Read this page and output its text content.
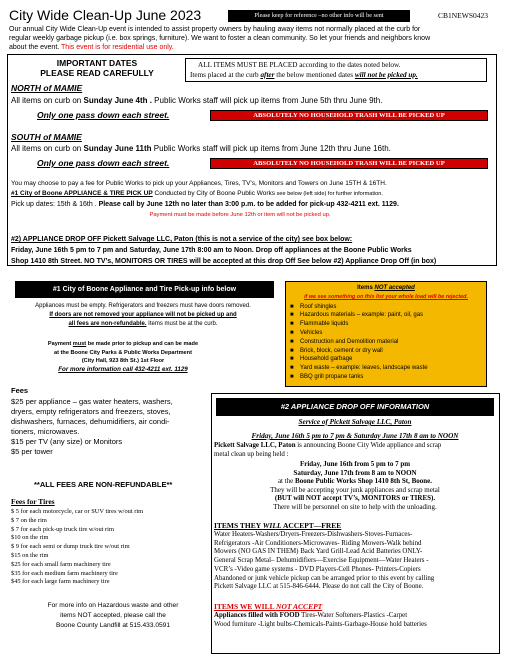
City Wide Clean-Up June 2023	Please keep for reference –no other info will be sent	CB1NEWS0423

Our annual City Wide Clean-Up event is intended to assist property owners by hauling away items not normally placed at the curb for

regular weekly garbage pickup (i.e. box springs, furniture). We want to foster a clean community. So let your friends and neighbors know

about the event. This event is for residential use only.

IMPORTANT DATES

PLEASE READ CAREFULLY

ALL ITEMS MUST BE PLACED according to the dates noted below.

Items placed at the curb after the below mentioned dates will not be picked up.

NORTH of MAMIE

All items on curb on Sunday June 4th . Public Works staff will pick up items from June 5th thru June 9th.

Only one pass down each street.	ABSOLUTELY NO HOUSEHOLD TRASH WILL BE PICKED UP
SOUTH of MAMIE

All items on curb on Sunday June 11th Public Works staff will pick up items from June 12th thru June 16th.

Only one pass down each street.	ABSOLUTELY NO HOUSEHOLD TRASH WILL BE PICKED UP

You may choose to pay a fee for Public Works to pick up your Appliances, Tires, TV’s, Monitors and Towers on June 15TH & 16TH.

#1 City of Boone APPLIANCE & TIRE PICK UP Conducted by City of Boone Public Works see below (left side) for further information.

Pick up dates: 15th & 16th . Please call by June 12th no later than 3:00 p.m. to be added for pick-up 432-4211 ext. 1129.

Payment must be made before June 12th or item will not be picked up.

#2) APPLIANCE DROP OFF Pickett Salvage LLC, Paton (this is not a service of the city) see box below:

Friday, June 16th 5 pm to 7 pm and Saturday, June 17th 8:00 am to Noon. Drop off appliances at the Boone Public Works

Shop 1410 8th Street. NO TV’s, MONITORS OR TIRES will be accepted at this drop Off See below #2) Appliance Drop Off (in box)

#1 City of Boone Appliance and Tire Pick-up info below

Appliances must be empty. Refrigerators and freezers must have doors removed.

If doors are not removed your appliance will not be picked up and

all fees are non-refundable. Items must be at the curb.

Payment must be made prior to pickup and can be made

at the Boone City Parks & Public Works Department

(City Hall, 923 8th St.) 1st Floor

For more information call 432-4211 ext. 1129

Fees

$25 per appliance – gas water heaters, washers,

dryers, empty refrigerators and freezers, stoves,

dishwashers, furnaces, dehumidifiers, air condi-

tioners, microwaves.

$15 per TV (any size) or Monitors

$5 per tower

**ALL FEES ARE NON-REFUNDABLE**
Fees for Tires

$ 5 for each motorcycle, car or SUV tires w/out rim

$ 7 on the rim

$ 7 for each pick-up truck tire w/out rim

$10 on the rim

$ 9 for each semi or dump truck tire w/out rim

$15 on the rim

$25 for each small farm machinery tire

$35 for each medium farm machinery tire

$45 for each large farm machinery tire

For more info on Hazardous waste and other

items NOT accepted, please call the

Boone County Landfill at 515.433.0591

Items NOT accepted

if we see something on this list your whole load will be rejected.

■ Roof shingles
■ Hazardous materials – example: paint, oil, gas
■ Flammable liquids
■ Vehicles
■ Construction and Demolition material
■ Brick, block, cement or dry wall
■ Household garbage
■ Yard waste – example: leaves, landscape waste
■ BBQ grill propane tanks
#2 APPLIANCE DROP OFF INFORMATION
Service of Pickett Salvage LLC, Paton
Friday, June 16th 5 pm to 7 pm & Saturday June 17th 8 am to NOON

Pickett Salvage LLC, Paton is announcing Boone City Wide appliance and scrap

metal clean up being held :

Friday, June 16th from 5 pm to 7 pm

Saturday, June 17th from 8 am to NOON

at the Boone Public Works Shop 1410 8th St, Boone.

They will be accepting your junk appliances and scrap metal

(BUT will NOT accept TV’s, MONITORS or TIRES).

There will be personnel on site to help with the unloading.

ITEMS THEY WILL ACCEPT—FREE

Water Heaters-Washers/Dryers-Freezers-Dishwashers-Stoves-Furnaces-

Refrigerators -Air Conditioners-Microwaves- Riding Mowers-Walk behind

Mowers (NO GAS IN THEM) Back Yard Grill-Lead Acid Batteries ONLY-

General Scrap Metal– Dehumidifiers—Exercise Equipment—Water Heaters -

VCR’s -Video game systems - DVD Players-Cell Phones- Printers-Copiers

Abandoned or junk vehicle pickup can be arranged prior to this event by calling

Pickett Salvage LLC at 515-846-6444. Please do not call the City of Boone.

ITEMS WE WILL NOT ACCEPT

Appliances filled with FOOD Tires-Water Softeners-Plastics -Carpet

Wood furniture -Light bulbs-Chemicals-Paints-Garbage-House hold batteries
